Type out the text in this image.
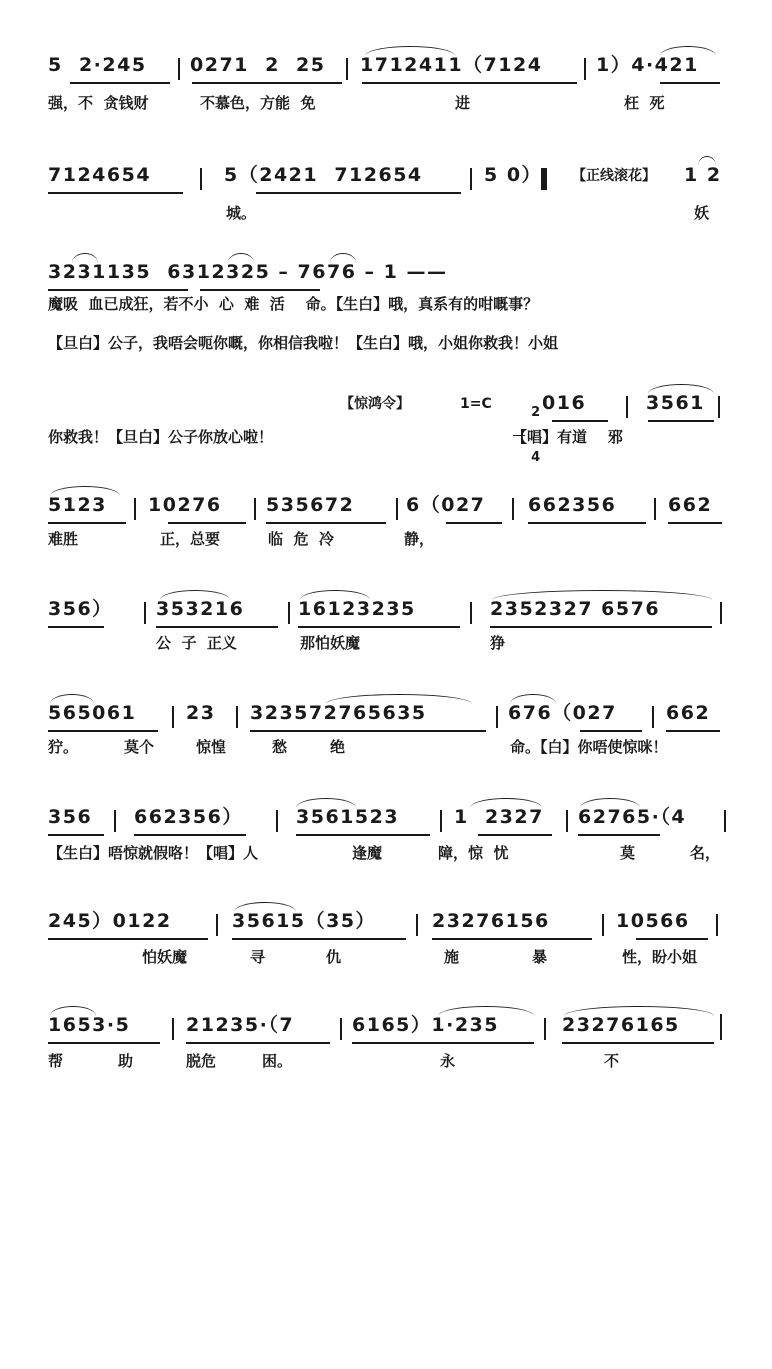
5  2·245

0271  2  25

1712411（7124

	1）4·421

强，不  贪钱财

	不慕色，方能  免

	进

	枉  死

7124654

	5（2421  712654

	5 0）

【正线滚花】

1 2

城。

	妖

3231135  6312325 – 7676 – 1 ——

魔吸  血已成狂，若不小  心  难  活    命。【生白】哦，真系有的咁嘅事？

【旦白】公子，我唔会呃你嘅，你相信我啦！【生白】哦，小姐你救我！小姐

【惊鸿令】

	1=C

2

4

016

	3561

你救我！【旦白】公子你放心啦！

	【唱】有道    邪

5123

10276

535672

	6（027

662356

	662

难胜

	正，总要

	临  危  冷

	静，

356）

353216

	16123235

	2352327 6576

公  子  正义

	那怕妖魔

	狰

565061

	23

323572765635

	676（027

	662

狞。

	莫个

	惊惶

	愁

	绝

	命。【白】你唔使惊咪！

356

662356）

	3561523

	1  2327

62765·（4

【生白】唔惊就假咯！【唱】人

	逢魔

	障，惊  忧

	莫

	名，

245）0122

	35615（35）

	23276156

	10566

怕妖魔

	寻

	仇

	施

	暴

	性，盼小姐

1653·5

	21235·（7

	6165）1·235

	23276165

帮

	助

	脱危

	困。

	永

	不
